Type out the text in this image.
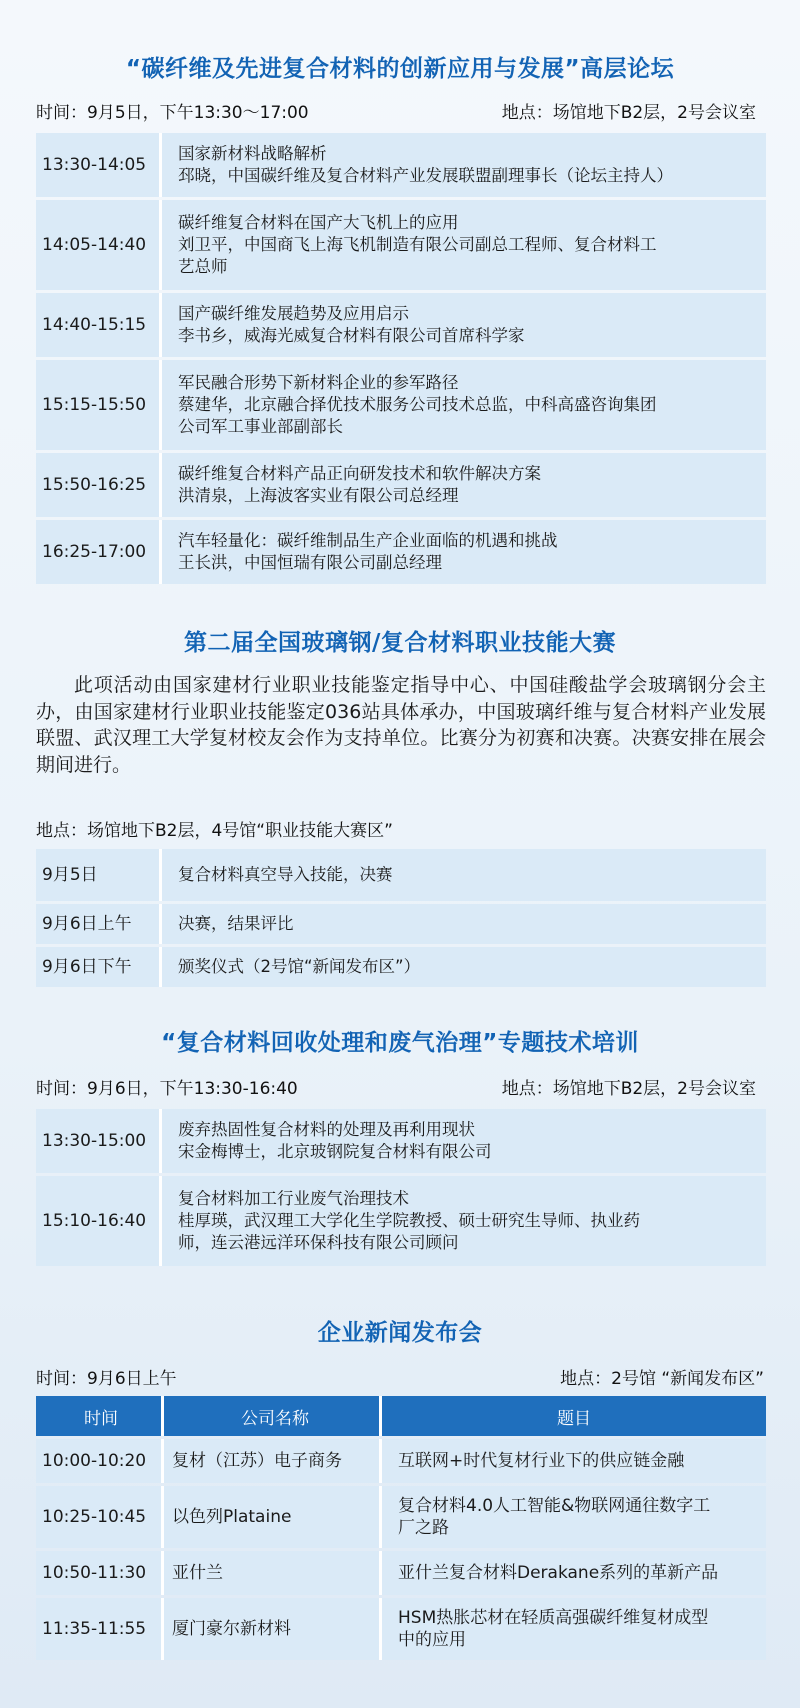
“碳纤维及先进复合材料的创新应用与发展”高层论坛
时间：9月5日，下午13:30～17:00	地点：场馆地下B2层，2号会议室
13:30-14:05	国家新材料战略解析
邳晓，中国碳纤维及复合材料产业发展联盟副理事长（论坛主持人）

14:05-14:40	碳纤维复合材料在国产大飞机上的应用
刘卫平，中国商飞上海飞机制造有限公司副总工程师、复合材料工
艺总师

14:40-15:15	国产碳纤维发展趋势及应用启示
李书乡，威海光威复合材料有限公司首席科学家

15:15-15:50	军民融合形势下新材料企业的参军路径
蔡建华，北京融合择优技术服务公司技术总监，中科高盛咨询集团
公司军工事业部副部长

15:50-16:25	碳纤维复合材料产品正向研发技术和软件解决方案
洪清泉，上海波客实业有限公司总经理

16:25-17:00	汽车轻量化：碳纤维制品生产企业面临的机遇和挑战
王长洪，中国恒瑞有限公司副总经理
第二届全国玻璃钢/复合材料职业技能大赛
此项活动由国家建材行业职业技能鉴定指导中心、中国硅酸盐学会玻璃钢分会主办，由国家建材行业职业技能鉴定036站具体承办，中国玻璃纤维与复合材料产业发展联盟、武汉理工大学复材校友会作为支持单位。比赛分为初赛和决赛。决赛安排在展会期间进行。
地点：场馆地下B2层，4号馆“职业技能大赛区”
9月5日	复合材料真空导入技能，决赛

9月6日上午	决赛，结果评比

9月6日下午	颁奖仪式（2号馆“新闻发布区”）
“复合材料回收处理和废气治理”专题技术培训
时间：9月6日，下午13:30-16:40	地点：场馆地下B2层，2号会议室
13:30-15:00	废弃热固性复合材料的处理及再利用现状
宋金梅博士，北京玻钢院复合材料有限公司

15:10-16:40	复合材料加工行业废气治理技术
桂厚瑛，武汉理工大学化生学院教授、硕士研究生导师、执业药
师，连云港远洋环保科技有限公司顾问
企业新闻发布会
时间：9月6日上午	地点：2号馆 “新闻发布区”
时间	公司名称	题目
10:00-10:20	复材（江苏）电子商务	互联网+时代复材行业下的供应链金融

10:25-10:45	以色列Plataine	复合材料4.0人工智能&物联网通往数字工
厂之路

10:50-11:30	亚什兰	亚什兰复合材料Derakane系列的革新产品

11:35-11:55	厦门豪尔新材料	HSM热胀芯材在轻质高强碳纤维复材成型
中的应用
